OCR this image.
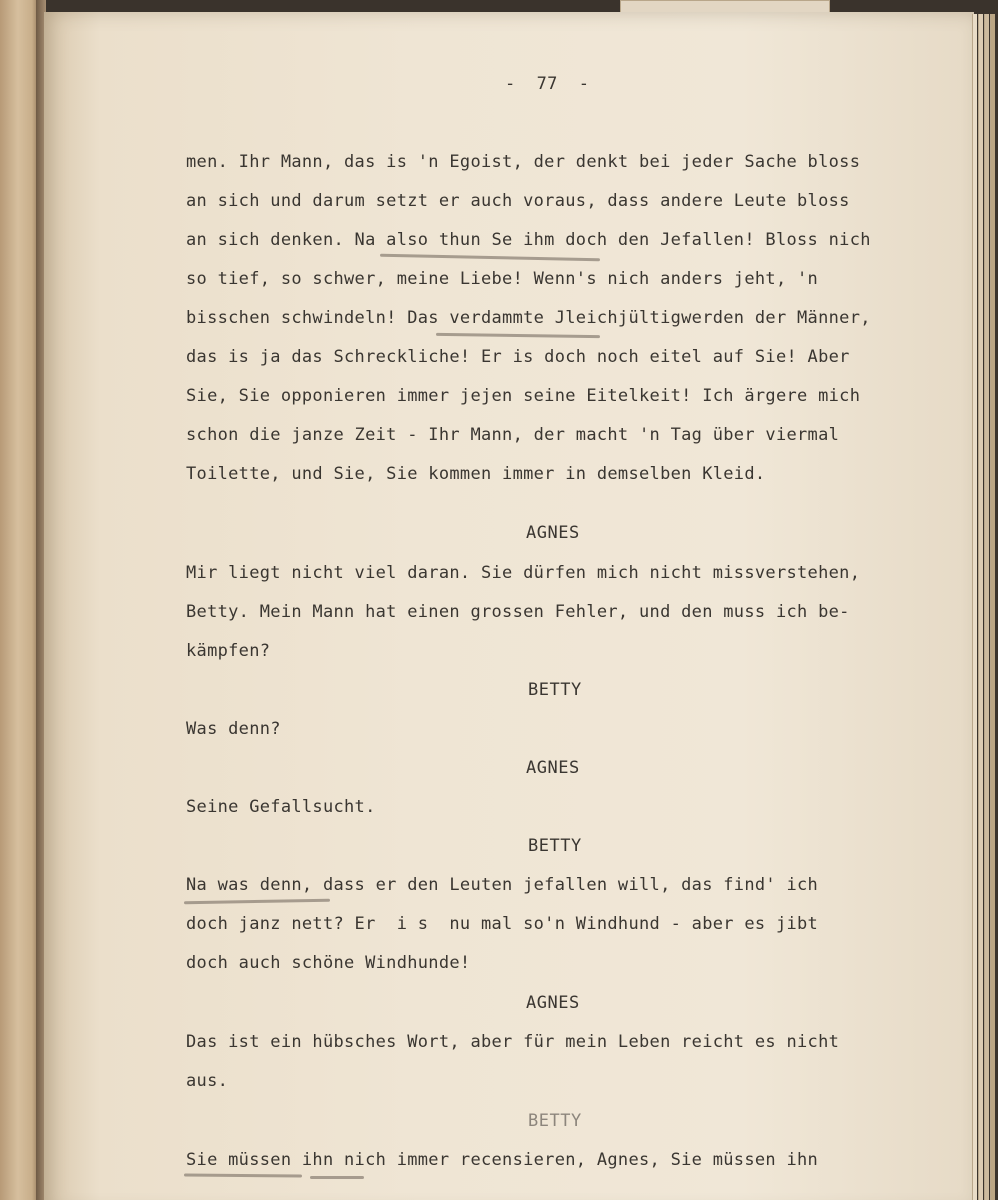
-  77  -
men. Ihr Mann, das is 'n Egoist, der denkt bei jeder Sache bloss
an sich und darum setzt er auch voraus, dass andere Leute bloss
an sich denken. Na also thun Se ihm doch den Jefallen! Bloss nich
so tief, so schwer, meine Liebe! Wenn's nich anders jeht, 'n
bisschen schwindeln! Das verdammte Jleichjültigwerden der Männer,
das is ja das Schreckliche! Er is doch noch eitel auf Sie! Aber
Sie, Sie opponieren immer jejen seine Eitelkeit! Ich ärgere mich
schon die janze Zeit - Ihr Mann, der macht 'n Tag über viermal
Toilette, und Sie, Sie kommen immer in demselben Kleid.
AGNES
Mir liegt nicht viel daran. Sie dürfen mich nicht missverstehen,
Betty. Mein Mann hat einen grossen Fehler, und den muss ich be-
kämpfen?
BETTY
Was denn?
AGNES
Seine Gefallsucht.
BETTY
Na was denn, dass er den Leuten jefallen will, das find' ich
doch janz nett? Er  i s  nu mal so'n Windhund - aber es jibt
doch auch schöne Windhunde!
AGNES
Das ist ein hübsches Wort, aber für mein Leben reicht es nicht
aus.
BETTY
Sie müssen ihn nich immer recensieren, Agnes, Sie müssen ihn
